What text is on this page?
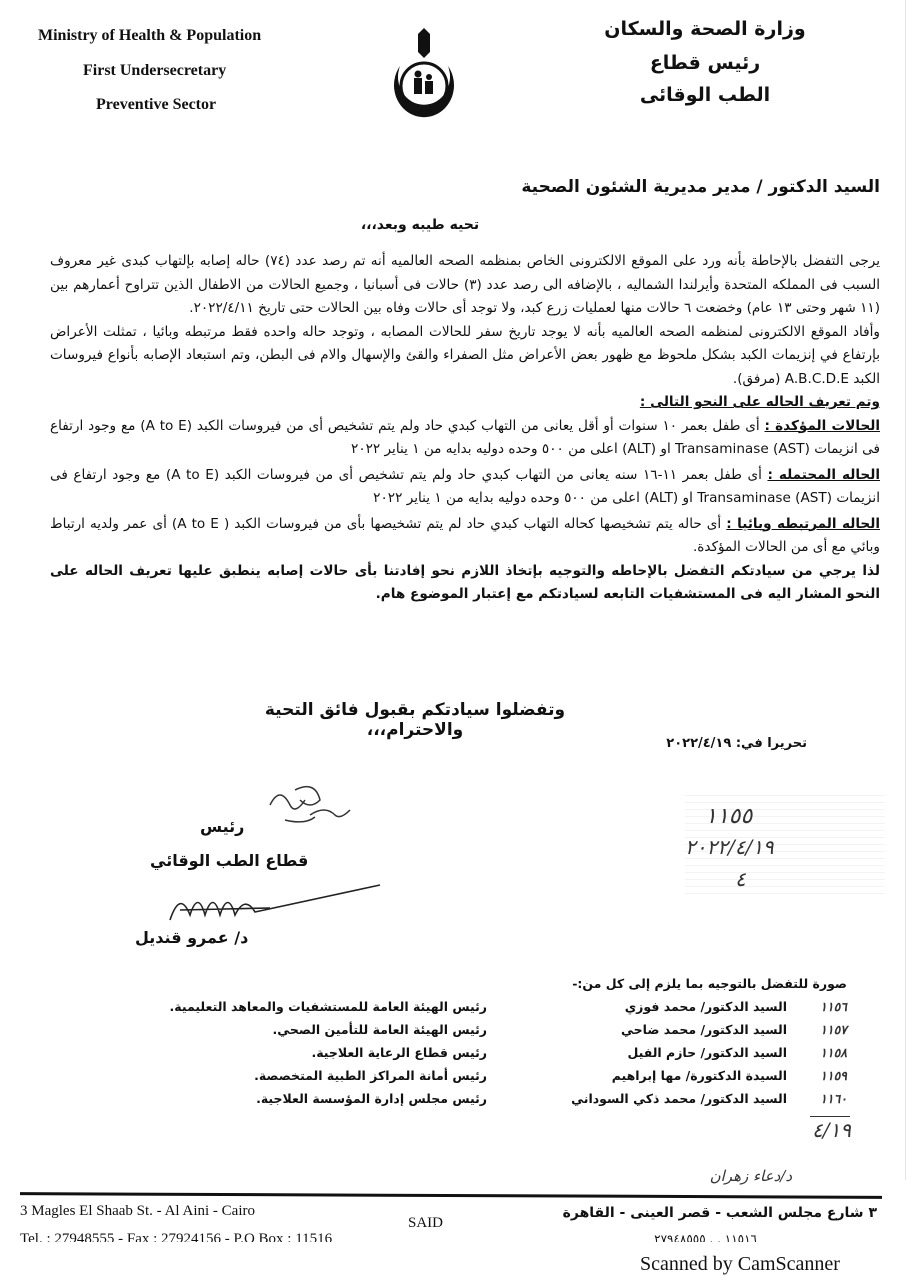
Ministry of Health & Population
First Undersecretary
Preventive Sector
وزارة الصحة والسكان
رئيس قطاع
الطب الوقائى
السيد الدكتور / مدير مديرية الشئون الصحية
تحيه طيبه وبعد،،،
يرجى التفضل بالإحاطة بأنه ورد على الموقع الالكترونى الخاص بمنظمه الصحه العالميه أنه تم رصد عدد (٧٤) حاله إصابه بإلتهاب كبدى غير معروف السبب فى المملكه المتحدة وأيرلندا الشماليه ، بالإضافه الى رصد عدد (٣) حالات فى أسبانيا ، وجميع الحالات من الاطفال الذين تتراوح أعمارهم بين (١١ شهر وحتى ١٣ عام) وخضعت ٦ حالات منها لعمليات زرع كبد، ولا توجد أى حالات وفاه بين الحالات حتى تاريخ ٢٠٢٢/٤/١١.
وأفاد الموقع الالكترونى لمنظمه الصحه العالميه بأنه لا يوجد تاريخ سفر للحالات المصابه ، وتوجد حاله واحده فقط مرتبطه وبائيا ، تمثلت الأعراض بإرتفاع في إنزيمات الكبد بشكل ملحوظ مع ظهور بعض الأعراض مثل الصفراء والقئ والإسهال والام فى البطن، وتم استبعاد الإصابه بأنواع فيروسات الكبد A.B.C.D.E (مرفق).
وتم تعريف الحاله على النحو التالى :
الحالات المؤكدة : أى طفل بعمر ١٠ سنوات أو أقل يعانى من التهاب كبدي حاد ولم يتم تشخيص أى من فيروسات الكبد (A to E) مع وجود ارتفاع فى انزيمات Transaminase (AST) او (ALT) اعلى من ٥٠٠ وحده دوليه بدايه من ١ يناير ٢٠٢٢
الحاله المحتمله : أى طفل بعمر ١١-١٦ سنه يعانى من التهاب كبدي حاد ولم يتم تشخيص أى من فيروسات الكبد (A to E) مع وجود ارتفاع فى انزيمات Transaminase (AST) او (ALT) اعلى من ٥٠٠ وحده دوليه بدايه من ١ يناير ٢٠٢٢
الحاله المرتبطه وبائيا : أى حاله يتم تشخيصها كحاله التهاب كبدي حاد لم يتم تشخيصها بأى من فيروسات الكبد ( A to E) أى عمر ولديه ارتباط وبائي مع أى من الحالات المؤكدة.
لذا يرجي من سيادتكم التفضل بالإحاطه والتوجيه بإتخاذ اللازم نحو إفادتنا بأى حالات إصابه ينطبق عليها تعريف الحاله على النحو المشار اليه فى المستشفيات التابعه لسيادتكم مع إعتبار الموضوع هام.
وتفضلوا سيادتكم بقبول فائق التحية والاحترام،،،
تحريرا في: ٢٠٢٢/٤/١٩
رئيس
قطاع الطب الوقائي
د/ عمرو قنديل
١١٥٥
٢٠٢٢/٤/١٩
٤
صورة للتفضل بالتوجيه بما يلزم إلى كل من:-
١١٥٦السيد الدكتور/ محمد فوزي
١١٥٧السيد الدكتور/ محمد ضاحي
١١٥٨السيد الدكتور/ حازم الفيل
١١٥٩السيدة الدكتورة/ مها إبراهيم
١١٦٠السيد الدكتور/ محمد ذكي السوداني
٤/١٩
رئيس الهيئة العامة للمستشفيات والمعاهد التعليمية.
رئيس الهيئة العامة للتأمين الصحي.
رئيس قطاع الرعاية العلاجية.
رئيس أمانة المراكز الطبية المتخصصة.
رئيس مجلس إدارة المؤسسة العلاجية.
د/دعاء زهران
3 Magles El Shaab St. - Al Aini - Cairo
Tel. : 27948555 - Fax : 27924156 - P.O Box : 11516
SAID
٣ شارع مجلس الشعب - قصر العينى - القاهرة
١١٥١٦ . . ٢٧٩٤٨٥٥٥
Scanned by CamScanner
